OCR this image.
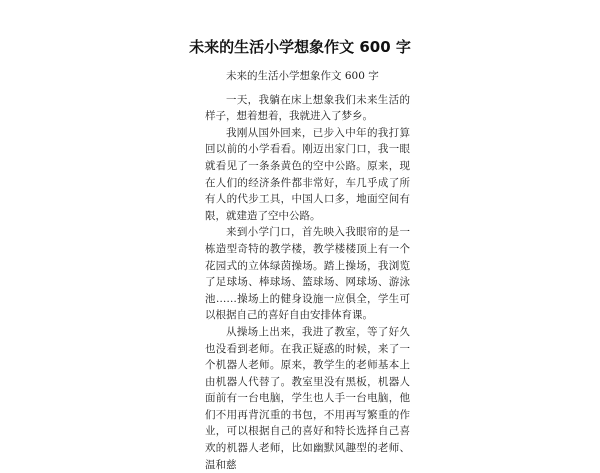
未来的生活小学想象作文 600 字

未来的生活小学想象作文 600 字

一天，我躺在床上想象我们未来生活的样子，想着想着，我就进入了梦乡。

我刚从国外回来，已步入中年的我打算回以前的小学看看。刚迈出家门口，我一眼就看见了一条条黄色的空中公路。原来，现在人们的经济条件都非常好，车几乎成了所有人的代步工具，中国人口多，地面空间有限，就建造了空中公路。

来到小学门口，首先映入我眼帘的是一栋造型奇特的教学楼，教学楼楼顶上有一个花园式的立体绿茵操场。踏上操场，我浏览了足球场、棒球场、篮球场、网球场、游泳池……操场上的健身设施一应俱全，学生可以根据自己的喜好自由安排体育课。

从操场上出来，我进了教室，等了好久也没看到老师。在我正疑惑的时候，来了一个机器人老师。原来，教学生的老师基本上由机器人代替了。教室里没有黑板，机器人面前有一台电脑，学生也人手一台电脑，他们不用再背沉重的书包，不用再写繁重的作业，可以根据自己的喜好和特长选择自己喜欢的机器人老师，比如幽默风趣型的老师、温和慈
